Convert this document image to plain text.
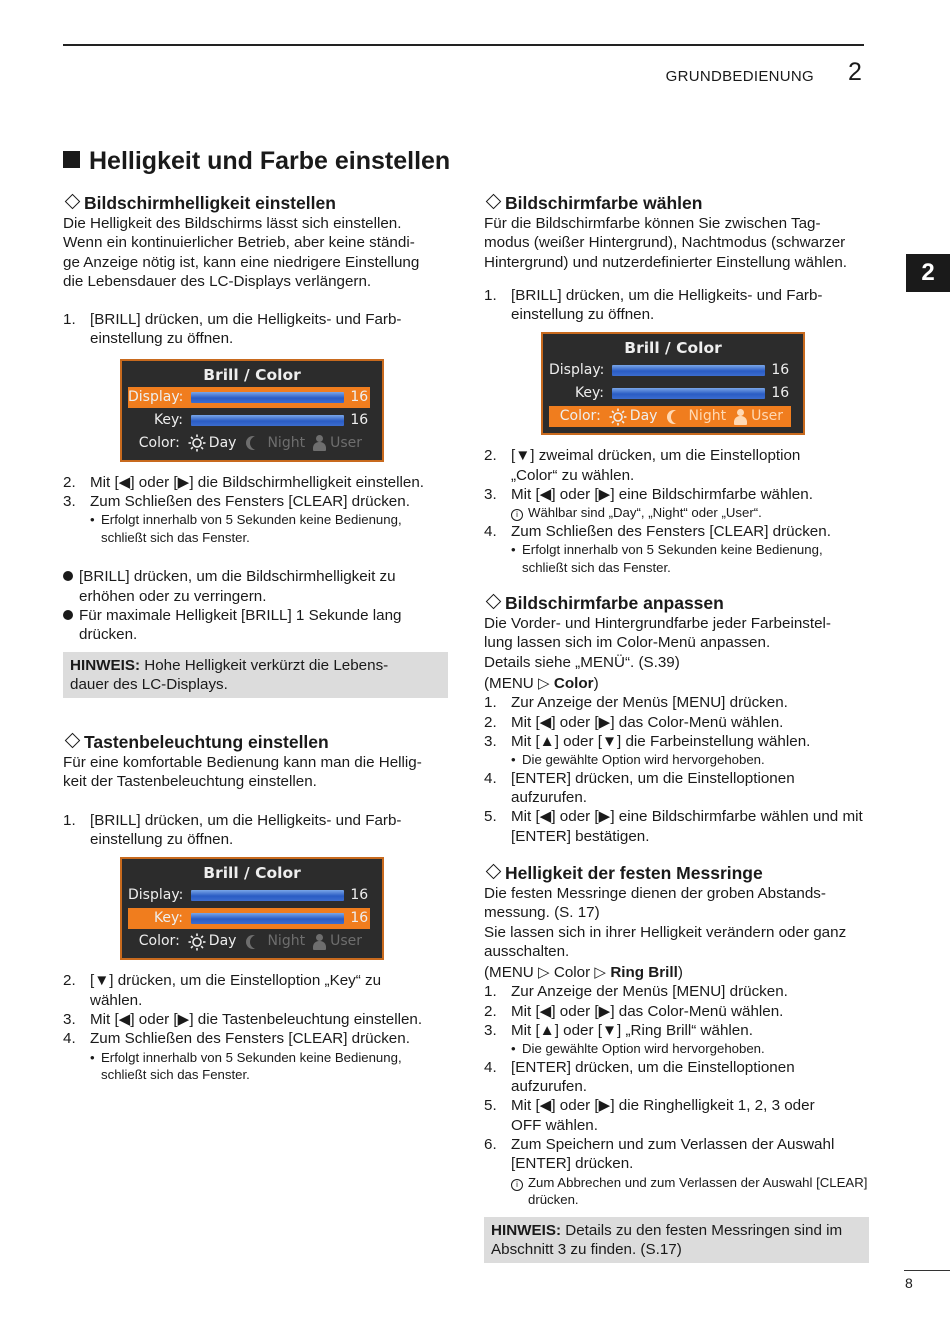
GRUNDBEDIENUNG 2
2
8
Helligkeit und Farbe einstellen
Bildschirmhelligkeit einstellen

Die Helligkeit des Bildschirms lässt sich einstellen.

Wenn ein kontinuierlicher Betrieb, aber keine ständi-

ge Anzeige nötig ist, kann eine niedrigere Einstellung

die Lebensdauer des LC-Displays verlängern.

1. [BRILL] drücken, um die Helligkeits- und Farb- einstellung zu öffnen.
Brill / Color
Display:	16
Key:	16
Color: Day Night User
2. Mit [◀] oder [▶] die Bildschirmhelligkeit einstellen.
3. Zum Schließen des Fensters [CLEAR] drücken.
• Erfolgt innerhalb von 5 Sekunden keine Bedienung, schließt sich das Fenster.
[BRILL] drücken, um die Bildschirmhelligkeit zu erhöhen oder zu verringern.
Für maximale Helligkeit [BRILL] 1 Sekunde lang drücken.
HINWEIS: Hohe Helligkeit verkürzt die Lebens- dauer des LC-Displays.
Tastenbeleuchtung einstellen

Für eine komfortable Bedienung kann man die Hellig-

keit der Tastenbeleuchtung einstellen.

1. [BRILL] drücken, um die Helligkeits- und Farb- einstellung zu öffnen.
Brill / Color
Display:	16
Key:	16
Color: Day Night User
2. [▼] drücken, um die Einstelloption „Key“ zu wählen.
3. Mit [◀] oder [▶] die Tastenbeleuchtung einstellen.
4. Zum Schließen des Fensters [CLEAR] drücken.
• Erfolgt innerhalb von 5 Sekunden keine Bedienung, schließt sich das Fenster.
Bildschirmfarbe wählen

Für die Bildschirmfarbe können Sie zwischen Tag-

modus (weißer Hintergrund), Nachtmodus (schwarzer

Hintergrund) und nutzerdefinierter Einstellung wählen.

1. [BRILL] drücken, um die Helligkeits- und Farb- einstellung zu öffnen.
Brill / Color
Display:	16
Key:	16
Color: Day Night User
2. [▼] zweimal drücken, um die Einstelloption „Color“ zu wählen.
3. Mit [◀] oder [▶] eine Bildschirmfarbe wählen.
i Wählbar sind „Day“, „Night“ oder „User“.
4. Zum Schließen des Fensters [CLEAR] drücken.
• Erfolgt innerhalb von 5 Sekunden keine Bedienung, schließt sich das Fenster.
Bildschirmfarbe anpassen

Die Vorder- und Hintergrundfarbe jeder Farbeinstel-

lung lassen sich im Color-Menü anpassen.

Details siehe „MENÜ“. (S.39)

(MENU ▷ Color)

1. Zur Anzeige der Menüs [MENU] drücken.
2. Mit [◀] oder [▶] das Color-Menü wählen.
3. Mit [▲] oder [▼] die Farbeinstellung wählen.
• Die gewählte Option wird hervorgehoben.
4. [ENTER] drücken, um die Einstelloptionen aufzurufen.
5. Mit [◀] oder [▶] eine Bildschirmfarbe wählen und mit [ENTER] bestätigen.
Helligkeit der festen Messringe

Die festen Messringe dienen der groben Abstands-

messung. (S. 17)

Sie lassen sich in ihrer Helligkeit verändern oder ganz

ausschalten.

(MENU ▷ Color ▷ Ring Brill)

1. Zur Anzeige der Menüs [MENU] drücken.
2. Mit [◀] oder [▶] das Color-Menü wählen.
3. Mit [▲] oder [▼] „Ring Brill“ wählen.
• Die gewählte Option wird hervorgehoben.
4. [ENTER] drücken, um die Einstelloptionen aufzurufen.
5. Mit [◀] oder [▶] die Ringhelligkeit 1, 2, 3 oder OFF wählen.
6. Zum Speichern und zum Verlassen der Auswahl [ENTER] drücken.
i Zum Abbrechen und zum Verlassen der Auswahl [CLEAR] drücken.
HINWEIS: Details zu den festen Messringen sind im Abschnitt 3 zu finden. (S.17)
